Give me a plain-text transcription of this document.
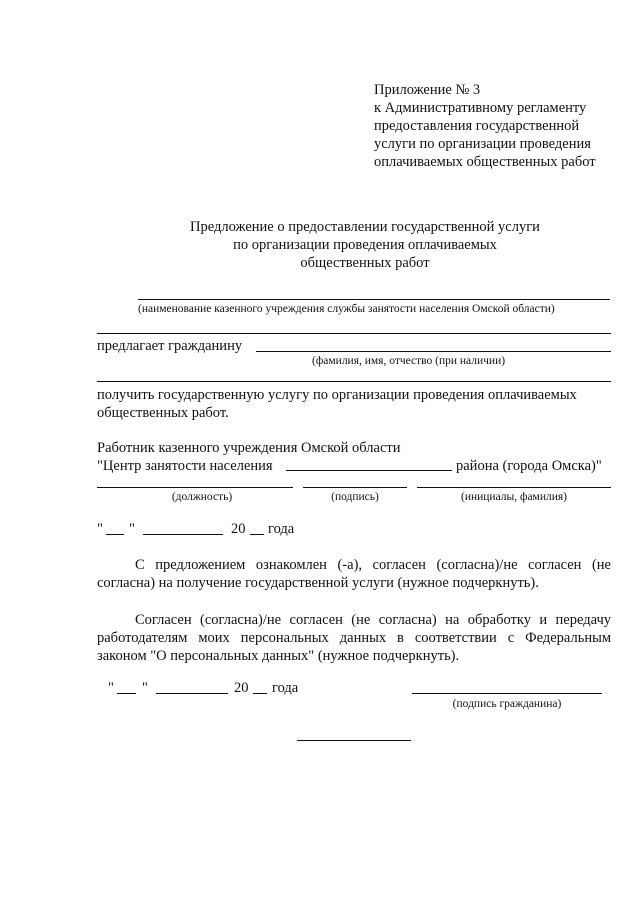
Приложение № 3
к Административному регламенту
предоставления государственной
услуги по организации проведения
оплачиваемых общественных работ
Предложение о предоставлении государственной услуги
по организации проведения оплачиваемых
общественных работ
(наименование казенного учреждения службы занятости населения Омской области)
предлагает гражданину
(фамилия, имя, отчество (при наличии)
получить государственную услугу по организации проведения оплачиваемых
общественных работ.
Работник казенного учреждения Омской области
"Центр занятости населения	района (города Омска)"
(должность)	(подпись)	(инициалы, фамилия)
" "	20 года
С предложением ознакомлен (-а), согласен (согласна)/не согласен (не
согласна) на получение государственной услуги (нужное подчеркнуть).
Согласен (согласна)/не согласен (не согласна) на обработку и передачу
работодателям моих персональных данных в соответствии с Федеральным
законом "О персональных данных" (нужное подчеркнуть).
" "	20 года
(подпись гражданина)
